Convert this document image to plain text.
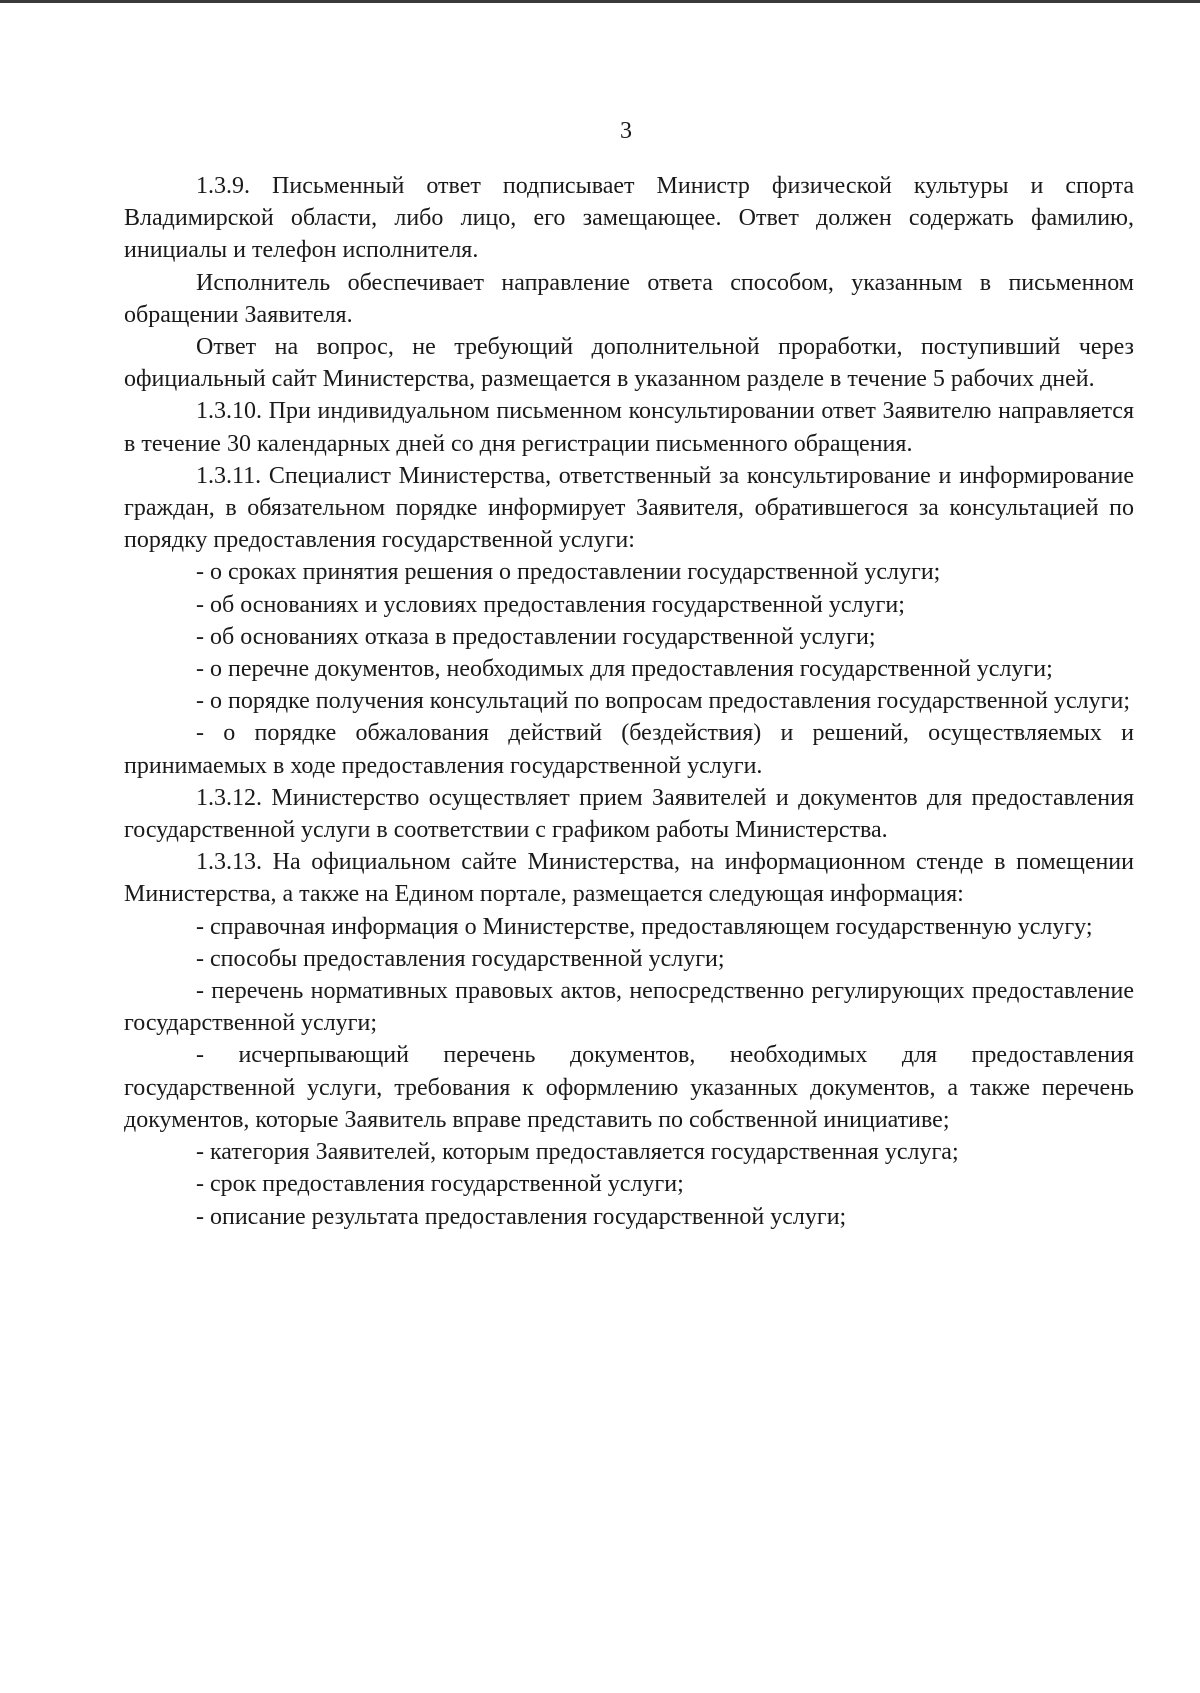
3

1.3.9. Письменный ответ подписывает Министр физической культуры и спорта Владимирской области, либо лицо, его замещающее. Ответ должен содержать фамилию, инициалы и телефон исполнителя.

Исполнитель обеспечивает направление ответа способом, указанным в письменном обращении Заявителя.

Ответ на вопрос, не требующий дополнительной проработки, поступивший через официальный сайт Министерства, размещается в указанном разделе в течение 5 рабочих дней.

1.3.10. При индивидуальном письменном консультировании ответ Заявителю направляется в течение 30 календарных дней со дня регистрации письменного обращения.

1.3.11. Специалист Министерства, ответственный за консультирование и информирование граждан, в обязательном порядке информирует Заявителя, обратившегося за консультацией по порядку предоставления государственной услуги:

- о сроках принятия решения о предоставлении государственной услуги;

- об основаниях и условиях предоставления государственной услуги;

- об основаниях отказа в предоставлении государственной услуги;

- о перечне документов, необходимых для предоставления государственной услуги;

- о порядке получения консультаций по вопросам предоставления государственной услуги;

- о порядке обжалования действий (бездействия) и решений, осуществляемых и принимаемых в ходе предоставления государственной услуги.

1.3.12. Министерство осуществляет прием Заявителей и документов для предоставления государственной услуги в соответствии с графиком работы Министерства.

1.3.13. На официальном сайте Министерства, на информационном стенде в помещении Министерства, а также на Едином портале, размещается следующая информация:

- справочная информация о Министерстве, предоставляющем государственную услугу;

- способы предоставления государственной услуги;

- перечень нормативных правовых актов, непосредственно регулирующих предоставление государственной услуги;

- исчерпывающий перечень документов, необходимых для предоставления государственной услуги, требования к оформлению указанных документов, а также перечень документов, которые Заявитель вправе представить по собственной инициативе;

- категория Заявителей, которым предоставляется государственная услуга;

- срок предоставления государственной услуги;

- описание результата предоставления государственной услуги;
